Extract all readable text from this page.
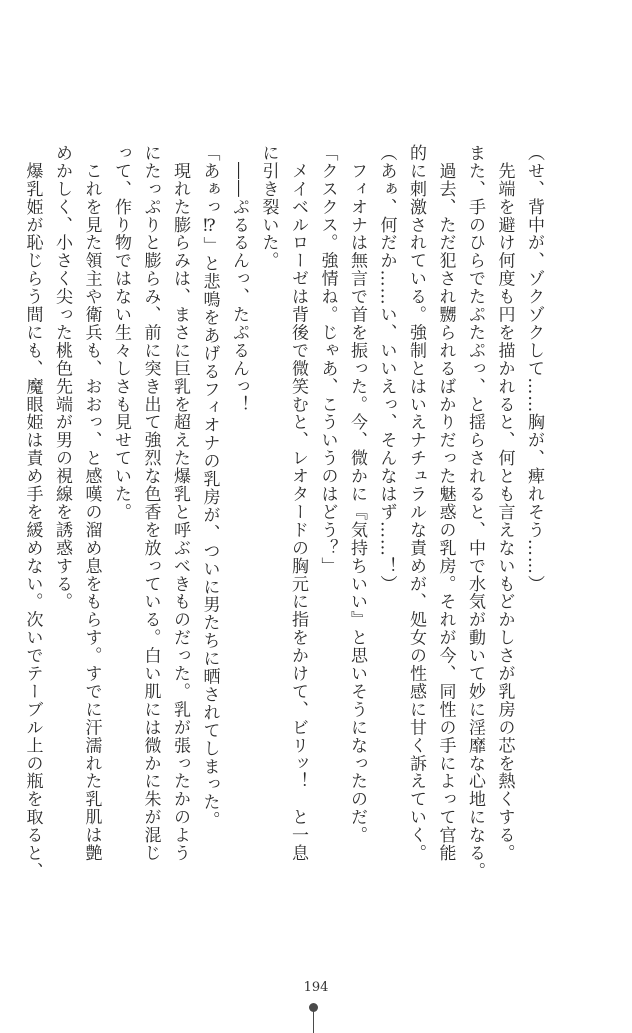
（せ、背中が、ゾクゾクして……胸が、痺れそう……）

　先端を避け何度も円を描かれると、何とも言えないもどかしさが乳房の芯を熱くする。

また、手のひらでたぷたぷっ、と揺らされると、中で水気が動いて妙に淫靡な心地になる。

　過去、ただ犯され嬲られるばかりだった魅惑の乳房。それが今、同性の手によって官能

的に刺激されている。強制とはいえナチュラルな責めが、処女の性感に甘く訴えていく。

（あぁ、何だか……い、いいえっ、そんなはず……！）

　フィオナは無言で首を振った。今、微かに『気持ちいい』と思いそうになったのだ。

「クスクス。強情ね。じゃあ、こういうのはどう？」

　メイベルローゼは背後で微笑むと、レオタードの胸元に指をかけて、ビリッ！　と一息

に引き裂いた。

　――ぷるるんっ、たぷるんっ！

「あぁっ⁉」と悲鳴をあげるフィオナの乳房が、ついに男たちに晒されてしまった。

　現れた膨らみは、まさに巨乳を超えた爆乳と呼ぶべきものだった。乳が張ったかのよう

にたっぷりと膨らみ、前に突き出て強烈な色香を放っている。白い肌には微かに朱が混じ

って、作り物ではない生々しさも見せていた。

　これを見た領主や衛兵も、おおっ、と感嘆の溜め息をもらす。すでに汗濡れた乳肌は艶

めかしく、小さく尖った桃色先端が男の視線を誘惑する。

　爆乳姫が恥じらう間にも、魔眼姫は責め手を緩めない。次いでテーブル上の瓶を取ると、

194
